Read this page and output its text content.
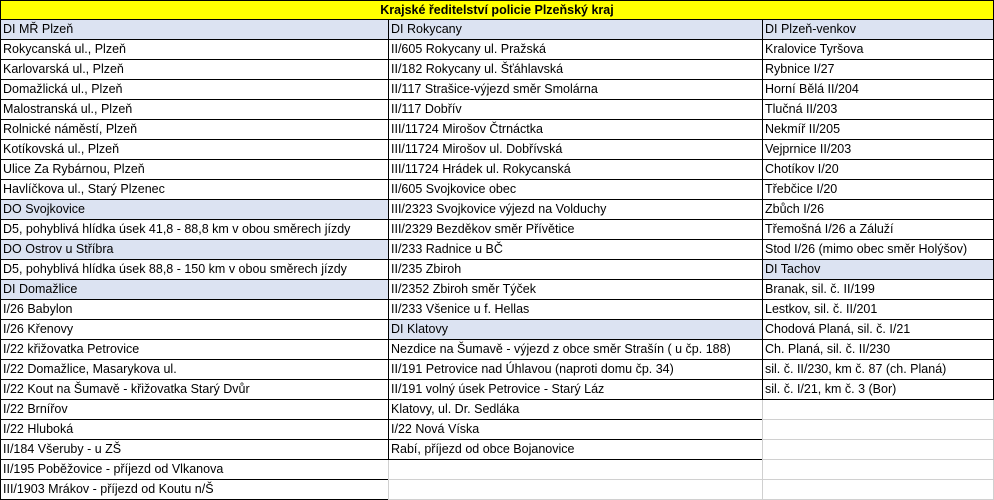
Krajské ředitelství policie Plzeňský kraj
DI MŘ Plzeň
Rokycanská ul., Plzeň
Karlovarská ul., Plzeň
Domažlická ul., Plzeň
Malostranská ul., Plzeň
Rolnické náměstí, Plzeň
Kotíkovská ul., Plzeň
Ulice Za Rybárnou, Plzeň
Havlíčkova ul., Starý Plzenec
DO Svojkovice
D5, pohyblivá hlídka úsek 41,8 - 88,8 km v obou směrech jízdy
DO Ostrov u Stříbra
D5, pohyblivá hlídka úsek 88,8 - 150 km v obou směrech jízdy
DI Domažlice
I/26 Babylon
I/26 Křenovy
I/22 křižovatka Petrovice
I/22 Domažlice, Masarykova ul.
I/22 Kout na Šumavě - křižovatka Starý Dvůr
I/22 Brnířov
I/22 Hluboká
II/184 Všeruby - u ZŠ
II/195 Poběžovice - příjezd od Vlkanova
III/1903 Mrákov - příjezd od Koutu n/Š
DI Rokycany
II/605 Rokycany ul. Pražská
II/182 Rokycany ul. Šťáhlavská
II/117 Strašice-výjezd směr Smolárna
II/117 Dobřív
III/11724 Mirošov Čtrnáctka
III/11724 Mirošov ul. Dobřívská
III/11724 Hrádek ul. Rokycanská
II/605 Svojkovice obec
III/2323 Svojkovice výjezd na Volduchy
III/2329 Bezděkov směr Přívětice
II/233 Radnice u BČ
II/235 Zbiroh
II/2352 Zbiroh směr Týček
II/233 Všenice u f. Hellas
DI Klatovy
Nezdice na Šumavě - výjezd z obce směr Strašín ( u čp. 188)
II/191 Petrovice nad Úhlavou (naproti domu čp. 34)
II/191 volný úsek Petrovice - Starý Láz
Klatovy, ul. Dr. Sedláka
I/22 Nová Víska
Rabí, příjezd od obce Bojanovice
DI Plzeň-venkov
Kralovice Tyršova
Rybnice I/27
Horní Bělá II/204
Tlučná II/203
Nekmíř II/205
Vejprnice II/203
Chotíkov I/20
Třebčice I/20
Zbůch I/26
Třemošná I/26 a Záluží
Stod I/26 (mimo obec směr Holýšov)
DI Tachov
Branak, sil. č. II/199
Lestkov, sil. č. II/201
Chodová Planá, sil. č. I/21
Ch. Planá, sil. č. II/230
sil. č. II/230, km č. 87 (ch. Planá)
sil. č. I/21, km č. 3 (Bor)
